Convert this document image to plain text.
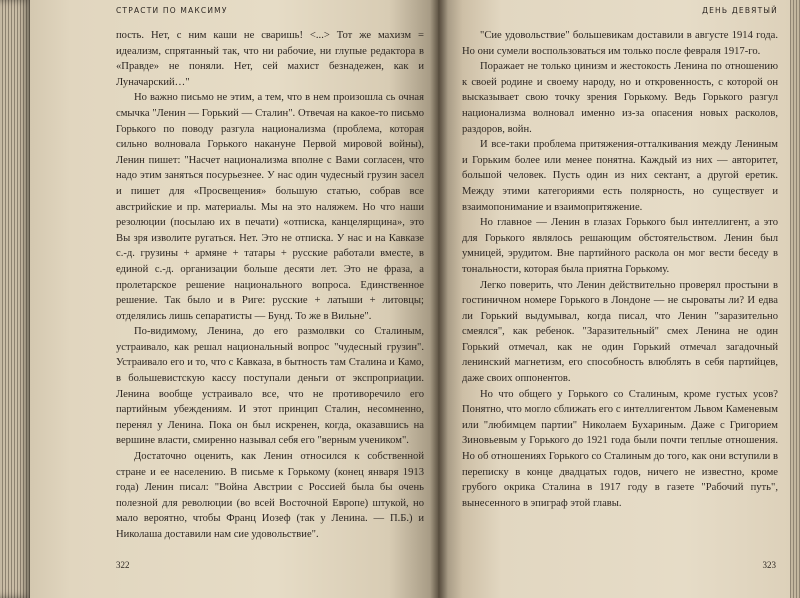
СТРАСТИ ПО МАКСИМУ

пость. Нет, с ним каши не сваришь! <...> Тот же махизм = идеализм, спрятанный так, что ни рабочие, ни глупые редактора в «Правде» не поняли. Нет, сей махист безнадежен, как и Луначарский…"

Но важно письмо не этим, а тем, что в нем произошла сь очная смычка "Ленин — Горький — Сталин". Отвечая на какое-то письмо Горького по поводу разгула национализма (проблема, которая сильно волновала Горького накануне Первой мировой войны), Ленин пишет: "Насчет национализма вполне с Вами согласен, что надо этим заняться посурьезнее. У нас один чудесный грузин засел и пишет для «Просвещения» большую статью, собрав все австрийские и пр. материалы. Мы на это наляжем. Но что наши резолюции (посылаю их в печати) «отписка, канцелярщина», это Вы зря изволите ругаться. Нет. Это не отписка. У нас и на Кавказе с.-д. грузины + армяне + татары + русские работали вместе, в единой с.-д. организации больше десяти лет. Это не фраза, а пролетарское решение национального вопроса. Единственное решение. Так было и в Риге: русские + латыши + литовцы; отделялись лишь сепаратисты — Бунд. То же в Вильне".

По-видимому, Ленина, до его размолвки со Сталиным, устраивало, как решал национальный вопрос "чудесный грузин". Устраивало его и то, что с Кавказа, в бытность там Сталина и Камо, в большевистскую кассу поступали деньги от экспроприации. Ленина вообще устраивало все, что не противоречило его партийным убеждениям. И этот принцип Сталин, несомненно, перенял у Ленина. Пока он был искренен, когда, оказавшись на вершине власти, смиренно называл себя его "верным учеником".

Достаточно оценить, как Ленин относился к собственной стране и ее населению. В письме к Горькому (конец января 1913 года) Ленин писал: "Война Австрии с Россией была бы очень полезной для революции (во всей Восточной Европе) штукой, но мало вероятно, чтобы Франц Иозеф (так у Ленина. — П.Б.) и Николаша доставили нам сие удовольствие".

322
ДЕНЬ ДЕВЯТЫЙ

"Сие удовольствие" большевикам доставили в августе 1914 года. Но они сумели воспользоваться им только после февраля 1917-го.

Поражает не только цинизм и жестокость Ленина по отношению к своей родине и своему народу, но и откровенность, с которой он высказывает свою точку зрения Горькому. Ведь Горького разгул национализма волновал именно из-за опасения новых расколов, раздоров, войн.

И все-таки проблема притяжения-отталкивания между Лениным и Горьким более или менее понятна. Каждый из них — авторитет, большой человек. Пусть один из них сектант, а другой еретик. Между этими категориями есть полярность, но существует и взаимопонимание и взаимопритяжение.

Но главное — Ленин в глазах Горького был интеллигент, а это для Горького являлось решающим обстоятельством. Ленин был умницей, эрудитом. Вне партийного раскола он мог вести беседу в тональности, которая была приятна Горькому.

Легко поверить, что Ленин действительно проверял простыни в гостиничном номере Горького в Лондоне — не сыроваты ли? И едва ли Горький выдумывал, когда писал, что Ленин "заразительно смеялся", как ребенок. "Заразительный" смех Ленина не один Горький отмечал, как не один Горький отмечал загадочный ленинский магнетизм, его способность влюблять в себя партийцев, даже своих оппонентов.

Но что общего у Горького со Сталиным, кроме густых усов? Понятно, что могло сближать его с интеллигентом Львом Каменевым или "любимцем партии" Николаем Бухариным. Даже с Григорием Зиновьевым у Горького до 1921 года были почти теплые отношения. Но об отношениях Горького со Сталиным до того, как они вступили в переписку в конце двадцатых годов, ничего не известно, кроме грубого окрика Сталина в 1917 году в газете "Рабочий путь", вынесенного в эпиграф этой главы.

323
